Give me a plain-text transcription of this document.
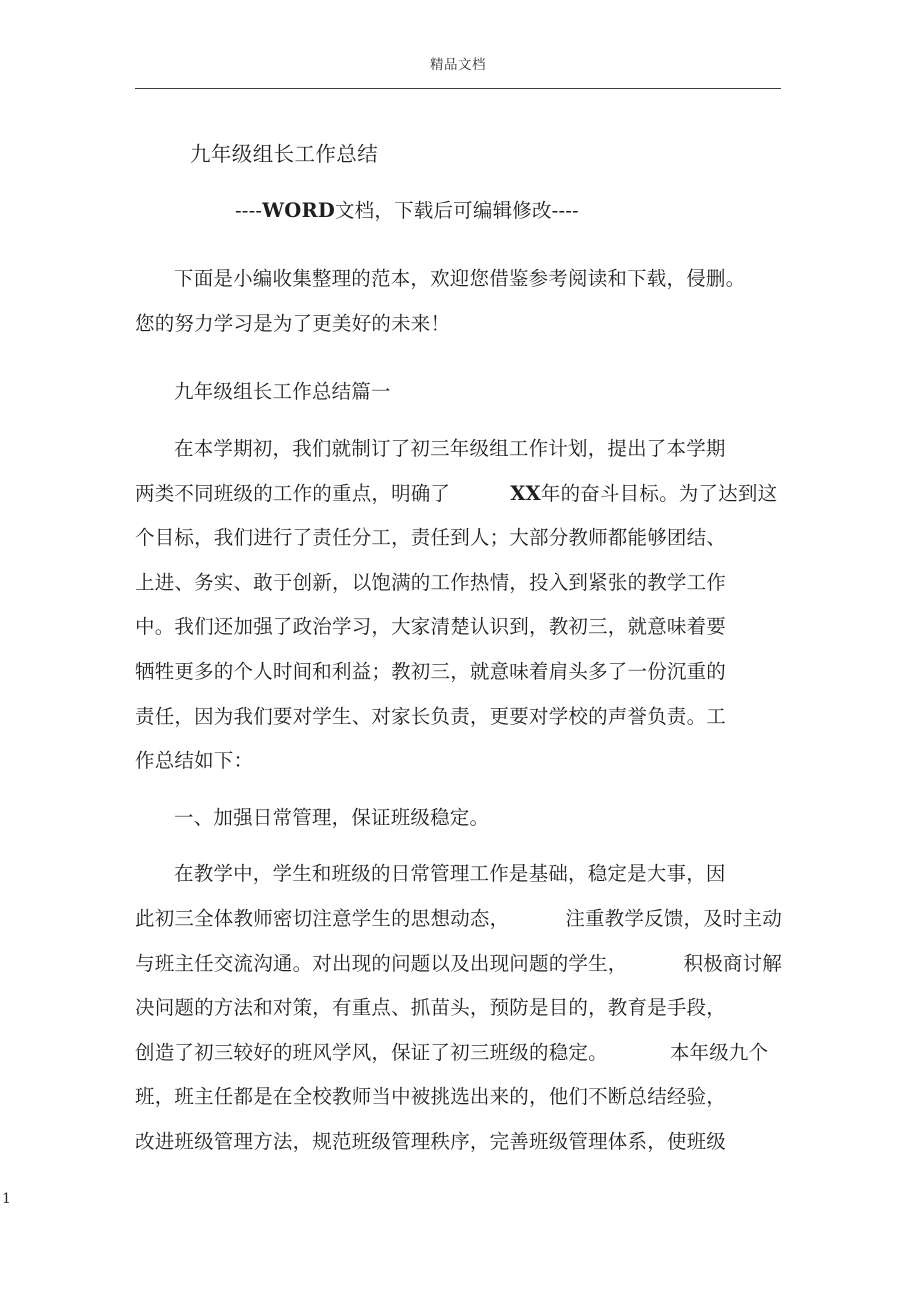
精品文档
九年级组长工作总结
----WORD文档，下载后可编辑修改----
下面是小编收集整理的范本，欢迎您借鉴参考阅读和下载，侵删。
您的努力学习是为了更美好的未来！
九年级组长工作总结篇一
在本学期初，我们就制订了初三年级组工作计划，提出了本学期
两类不同班级的工作的重点，明确了	XX年的奋斗目标。为了达到这
个目标，我们进行了责任分工，责任到人；大部分教师都能够团结、
上进、务实、敢于创新，以饱满的工作热情，投入到紧张的教学工作
中。我们还加强了政治学习，大家清楚认识到，教初三，就意味着要
牺牲更多的个人时间和利益；教初三，就意味着肩头多了一份沉重的
责任，因为我们要对学生、对家长负责，更要对学校的声誉负责。工
作总结如下：
一、加强日常管理，保证班级稳定。
在教学中，学生和班级的日常管理工作是基础，稳定是大事，因
此初三全体教师密切注意学生的思想动态，	注重教学反馈，及时主动
与班主任交流沟通。对出现的问题以及出现问题的学生，	积极商讨解
决问题的方法和对策，有重点、抓苗头，预防是目的，教育是手段，
创造了初三较好的班风学风，保证了初三班级的稳定。	本年级九个
班，班主任都是在全校教师当中被挑选出来的，他们不断总结经验，
改进班级管理方法，规范班级管理秩序，完善班级管理体系，使班级
1
